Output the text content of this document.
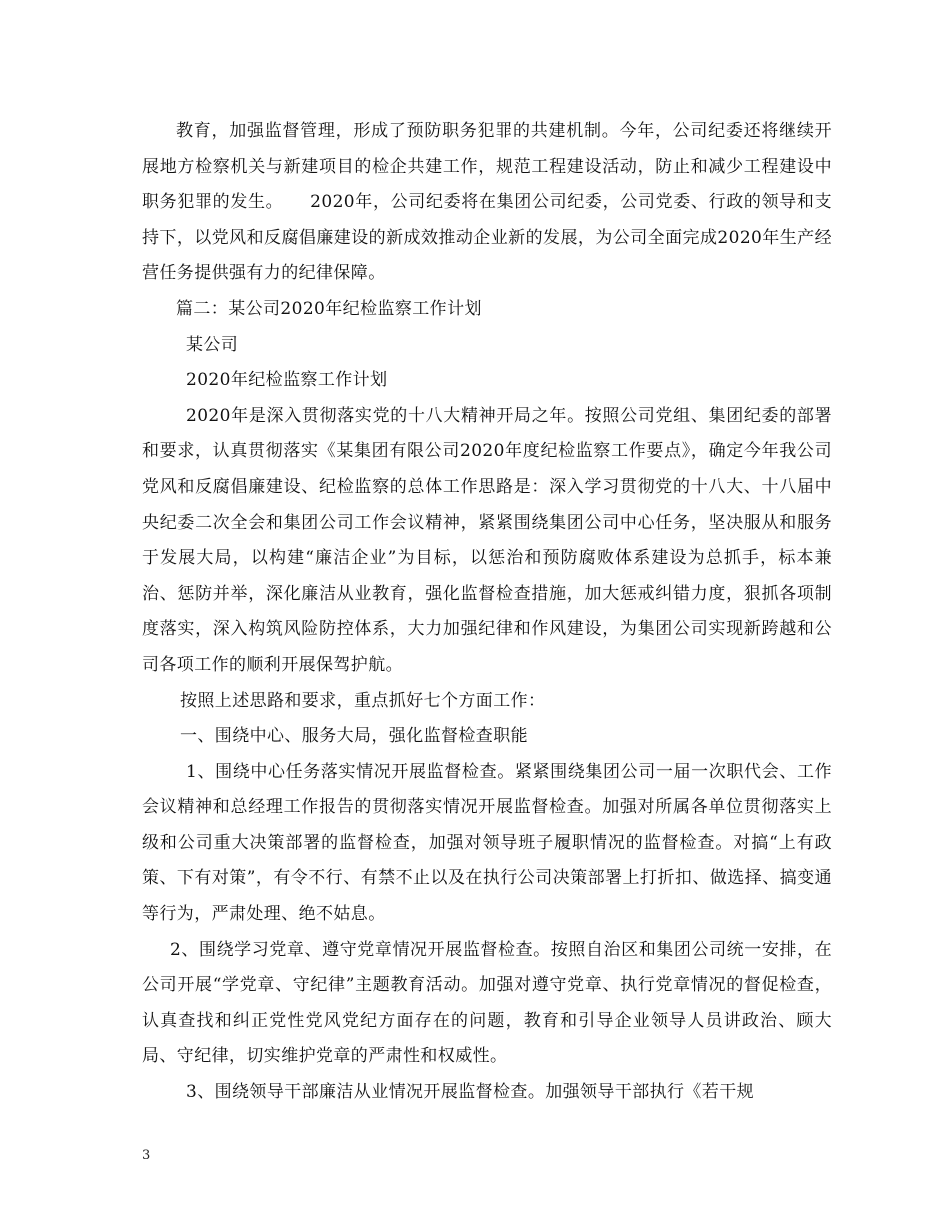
教育，加强监督管理，形成了预防职务犯罪的共建机制。今年，公司纪委还将继续开展地方检察机关与新建项目的检企共建工作，规范工程建设活动，防止和减少工程建设中职务犯罪的发生。　　2020年，公司纪委将在集团公司纪委，公司党委、行政的领导和支持下，以党风和反腐倡廉建设的新成效推动企业新的发展，为公司全面完成2020年生产经营任务提供强有力的纪律保障。

篇二：某公司2020年纪检监察工作计划

某公司

2020年纪检监察工作计划

2020年是深入贯彻落实党的十八大精神开局之年。按照公司党组、集团纪委的部署和要求，认真贯彻落实《某集团有限公司2020年度纪检监察工作要点》，确定今年我公司党风和反腐倡廉建设、纪检监察的总体工作思路是：深入学习贯彻党的十八大、十八届中央纪委二次全会和集团公司工作会议精神，紧紧围绕集团公司中心任务，坚决服从和服务于发展大局，以构建“廉洁企业”为目标，以惩治和预防腐败体系建设为总抓手，标本兼治、惩防并举，深化廉洁从业教育，强化监督检查措施，加大惩戒纠错力度，狠抓各项制度落实，深入构筑风险防控体系，大力加强纪律和作风建设，为集团公司实现新跨越和公司各项工作的顺利开展保驾护航。

按照上述思路和要求，重点抓好七个方面工作：

一、围绕中心、服务大局，强化监督检查职能

1、围绕中心任务落实情况开展监督检查。紧紧围绕集团公司一届一次职代会、工作会议精神和总经理工作报告的贯彻落实情况开展监督检查。加强对所属各单位贯彻落实上级和公司重大决策部署的监督检查，加强对领导班子履职情况的监督检查。对搞“上有政策、下有对策”，有令不行、有禁不止以及在执行公司决策部署上打折扣、做选择、搞变通等行为，严肃处理、绝不姑息。

2、围绕学习党章、遵守党章情况开展监督检查。按照自治区和集团公司统一安排，在公司开展“学党章、守纪律”主题教育活动。加强对遵守党章、执行党章情况的督促检查，认真查找和纠正党性党风党纪方面存在的问题，教育和引导企业领导人员讲政治、顾大局、守纪律，切实维护党章的严肃性和权威性。

3、围绕领导干部廉洁从业情况开展监督检查。加强领导干部执行《若干规

3
